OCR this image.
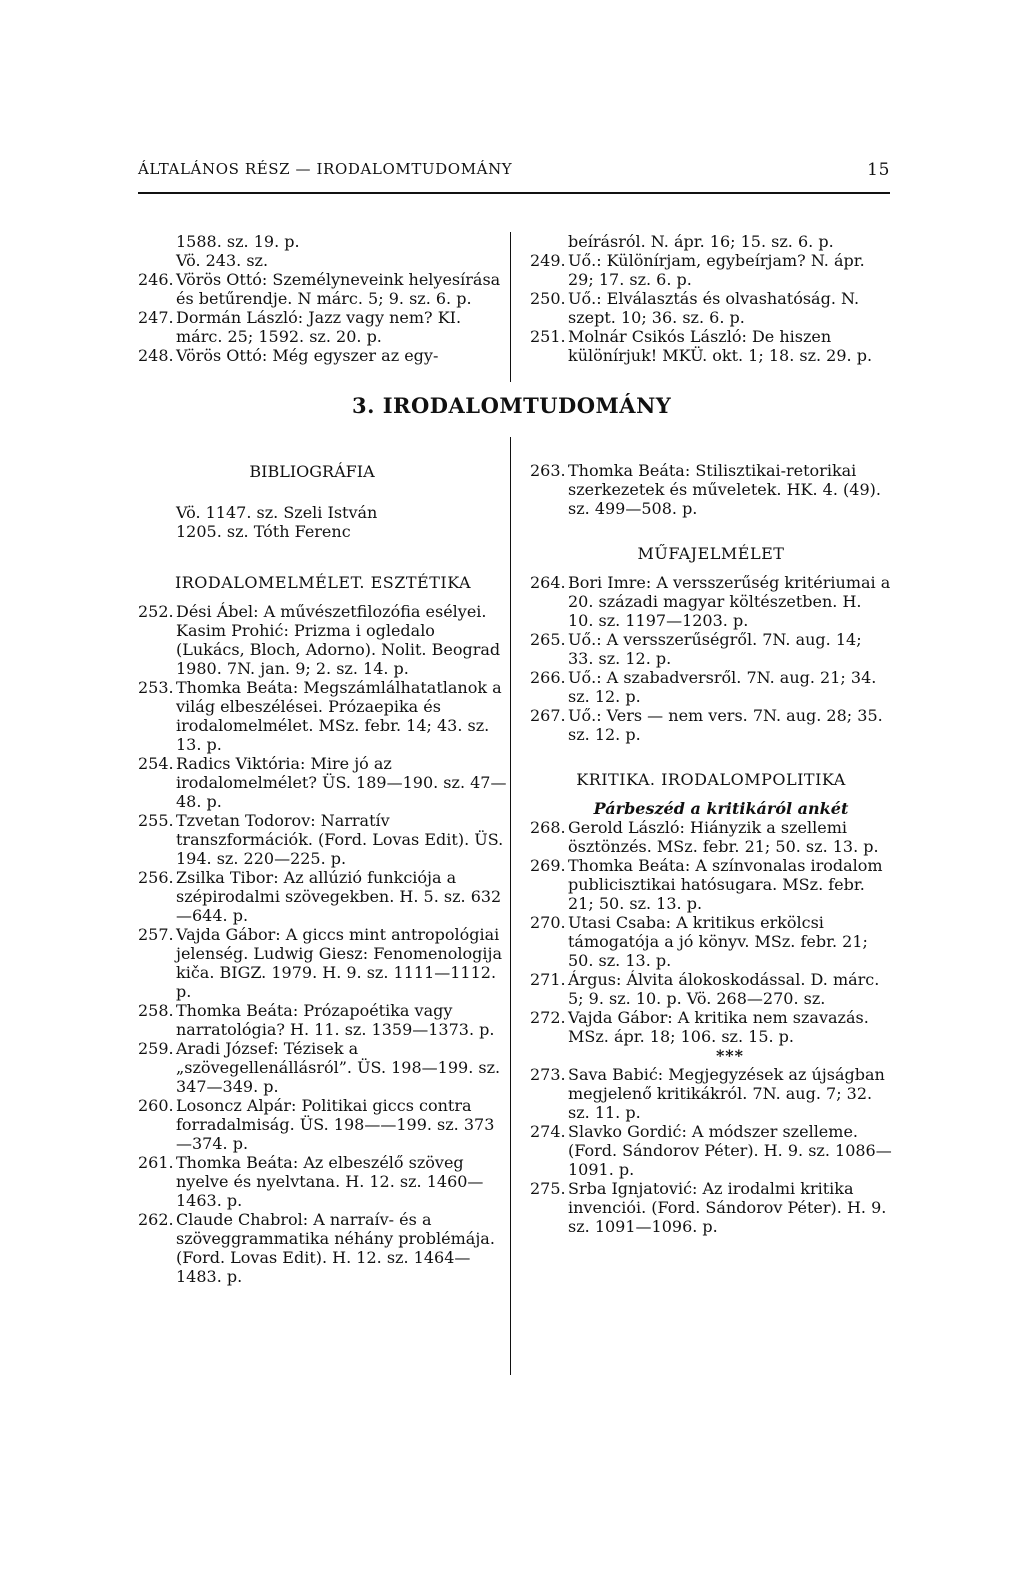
ÁLTALÁNOS RÉSZ — IRODALOMTUDOMÁNY	15
1588. sz. 19. p.
Vö. 243. sz.
246. Vörös Ottó: Személyneveink helyesírása és betűrendje. N márc. 5; 9. sz. 6. p.
247. Dormán László: Jazz vagy nem? KI. márc. 25; 1592. sz. 20. p.
248. Vörös Ottó: Még egyszer az egy-
beírásról. N. ápr. 16; 15. sz. 6. p.
249. Uő.: Különírjam, egybeírjam? N. ápr. 29; 17. sz. 6. p.
250. Uő.: Elválasztás és olvashatóság. N. szept. 10; 36. sz. 6. p.
251. Molnár Csikós László: De hiszen különírjuk! MKÜ. okt. 1; 18. sz. 29. p.
3. IRODALOMTUDOMÁNY
BIBLIOGRÁFIA
Vö. 1147. sz. Szeli István
1205. sz. Tóth Ferenc
IRODALOMELMÉLET. ESZTÉTIKA
252. Dési Ábel: A művészetfilozófia esélyei. Kasim Prohić: Prizma i ogledalo (Lukács, Bloch, Adorno). Nolit. Beograd 1980. 7N. jan. 9; 2. sz. 14. p.
253. Thomka Beáta: Megszámlálhatatlanok a világ elbeszélései. Prózaepika és irodalomelmélet. MSz. febr. 14; 43. sz. 13. p.
254. Radics Viktória: Mire jó az irodalomelmélet? ÜS. 189—190. sz. 47—48. p.
255. Tzvetan Todorov: Narratív transzformációk. (Ford. Lovas Edit). ÜS. 194. sz. 220—225. p.
256. Zsilka Tibor: Az allúzió funkciója a szépirodalmi szövegekben. H. 5. sz. 632—644. p.
257. Vajda Gábor: A giccs mint antropológiai jelenség. Ludwig Giesz: Fenomenologija kiča. BIGZ. 1979. H. 9. sz. 1111—1112. p.
258. Thomka Beáta: Prózapoétika vagy narratológia? H. 11. sz. 1359—1373. p.
259. Aradi József: Tézisek a „szövegellenállásról”. ÜS. 198—199. sz. 347—349. p.
260. Losoncz Alpár: Politikai giccs contra forradalmiság. ÜS. 198——199. sz. 373—374. p.
261. Thomka Beáta: Az elbeszélő szöveg nyelve és nyelvtana. H. 12. sz. 1460—1463. p.
262. Claude Chabrol: A narraív- és a szöveggrammatika néhány problémája. (Ford. Lovas Edit). H. 12. sz. 1464—1483. p.
263. Thomka Beáta: Stilisztikai-retorikai szerkezetek és műveletek. HK. 4. (49). sz. 499—508. p.
MŰFAJELMÉLET
264. Bori Imre: A versszerűség kritériumai a 20. századi magyar költészetben. H. 10. sz. 1197—1203. p.
265. Uő.: A versszerűségről. 7N. aug. 14; 33. sz. 12. p.
266. Uő.: A szabadversről. 7N. aug. 21; 34. sz. 12. p.
267. Uő.: Vers — nem vers. 7N. aug. 28; 35. sz. 12. p.
KRITIKA. IRODALOMPOLITIKA
Párbeszéd a kritikáról ankét
268. Gerold László: Hiányzik a szellemi ösztönzés. MSz. febr. 21; 50. sz. 13. p.
269. Thomka Beáta: A színvonalas irodalom publicisztikai hatósugara. MSz. febr. 21; 50. sz. 13. p.
270. Utasi Csaba: A kritikus erkölcsi támogatója a jó könyv. MSz. febr. 21; 50. sz. 13. p.
271. Árgus: Álvita álokoskodással. D. márc. 5; 9. sz. 10. p. Vö. 268—270. sz.
272. Vajda Gábor: A kritika nem szavazás. MSz. ápr. 18; 106. sz. 15. p.
***
273. Sava Babić: Megjegyzések az újságban megjelenő kritikákról. 7N. aug. 7; 32. sz. 11. p.
274. Slavko Gordić: A módszer szelleme. (Ford. Sándorov Péter). H. 9. sz. 1086—1091. p.
275. Srba Ignjatović: Az irodalmi kritika invenciói. (Ford. Sándorov Péter). H. 9. sz. 1091—1096. p.
